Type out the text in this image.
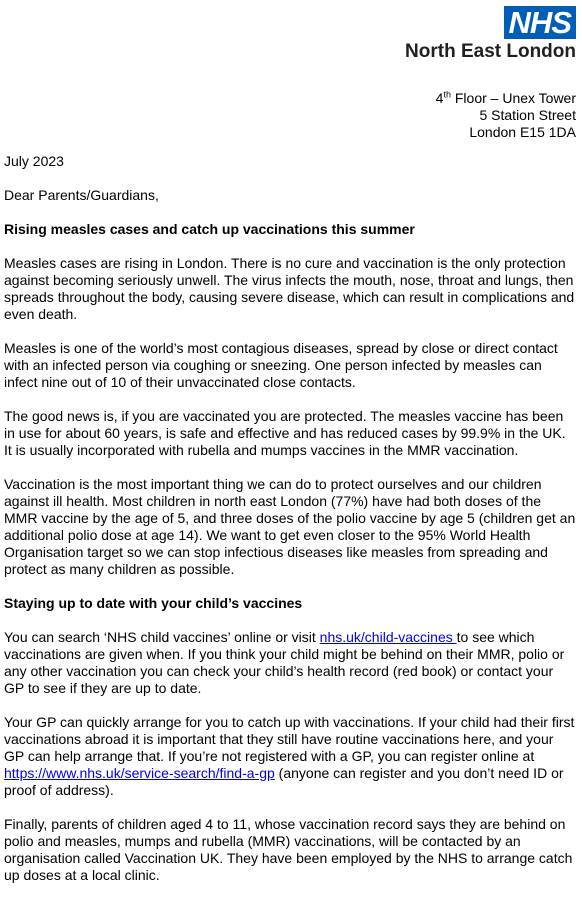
NHS
North East London
4th Floor – Unex Tower
5 Station Street
London E15 1DA

July 2023

Dear Parents/Guardians,

Rising measles cases and catch up vaccinations this summer

Measles cases are rising in London. There is no cure and vaccination is the only protection against becoming seriously unwell. The virus infects the mouth, nose, throat and lungs, then spreads throughout the body, causing severe disease, which can result in complications and even death.

Measles is one of the world’s most contagious diseases, spread by close or direct contact with an infected person via coughing or sneezing. One person infected by measles can infect nine out of 10 of their unvaccinated close contacts.

The good news is, if you are vaccinated you are protected. The measles vaccine has been in use for about 60 years, is safe and effective and has reduced cases by 99.9% in the UK. It is usually incorporated with rubella and mumps vaccines in the MMR vaccination.

Vaccination is the most important thing we can do to protect ourselves and our children against ill health. Most children in north east London (77%) have had both doses of the MMR vaccine by the age of 5, and three doses of the polio vaccine by age 5 (children get an additional polio dose at age 14). We want to get even closer to the 95% World Health Organisation target so we can stop infectious diseases like measles from spreading and protect as many children as possible.

Staying up to date with your child’s vaccines

You can search ‘NHS child vaccines’ online or visit nhs.uk/child-vaccines to see which vaccinations are given when. If you think your child might be behind on their MMR, polio or any other vaccination you can check your child’s health record (red book) or contact your GP to see if they are up to date.

Your GP can quickly arrange for you to catch up with vaccinations. If your child had their first vaccinations abroad it is important that they still have routine vaccinations here, and your GP can help arrange that. If you’re not registered with a GP, you can register online at https://www.nhs.uk/service-search/find-a-gp (anyone can register and you don’t need ID or proof of address).

Finally, parents of children aged 4 to 11, whose vaccination record says they are behind on polio and measles, mumps and rubella (MMR) vaccinations, will be contacted by an organisation called Vaccination UK. They have been employed by the NHS to arrange catch up doses at a local clinic.
